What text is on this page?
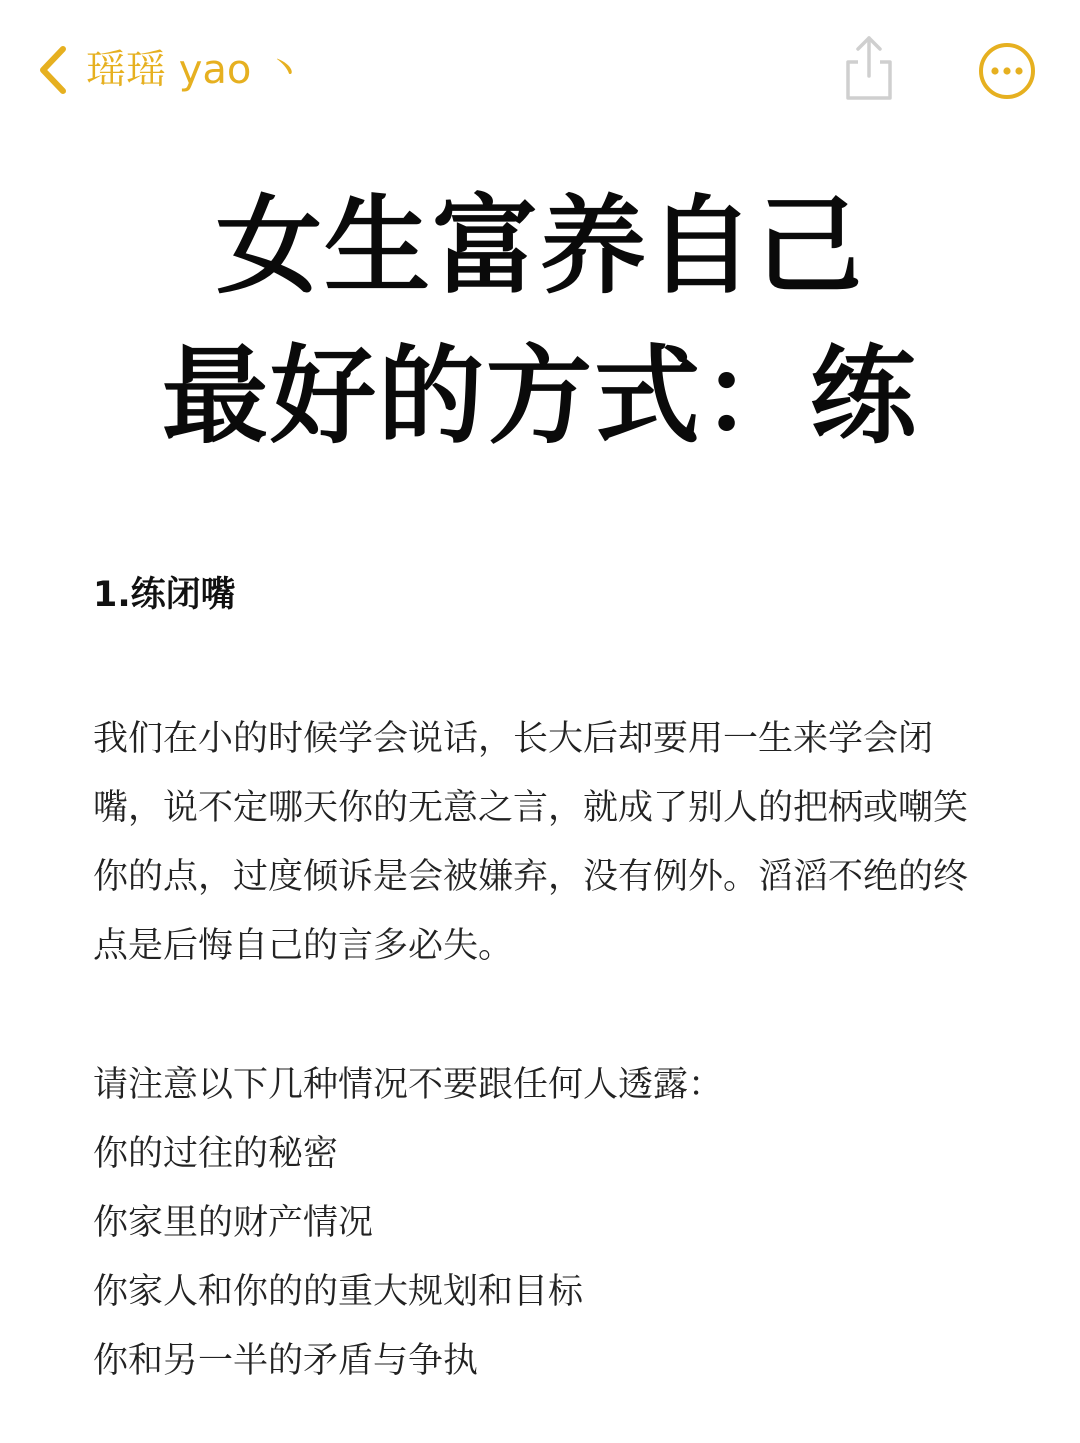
瑶瑶 yao 丶
女生富养自己
最好的方式：练

1.练闭嘴

我们在小的时候学会说话，长大后却要用一生来学会闭嘴，说不定哪天你的无意之言，就成了别人的把柄或嘲笑你的点，过度倾诉是会被嫌弃，没有例外。滔滔不绝的终点是后悔自己的言多必失。

请注意以下几种情况不要跟任何人透露：

你的过往的秘密
你家里的财产情况
你家人和你的的重大规划和目标
你和另一半的矛盾与争执
